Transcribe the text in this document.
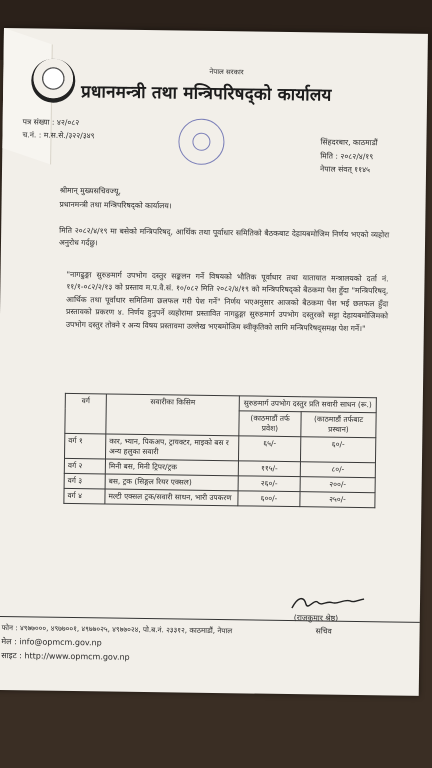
नेपाल सरकार
प्रधानमन्त्री तथा मन्त्रिपरिषद्को कार्यालय
पत्र संख्या : ४२/०८२
च.नं. : म.स.से./३२२/३४९
सिंहदरबार, काठमाडौं
मिति : २०८२/४/१९
नेपाल संवत् ११४५
श्रीमान् मुख्यसचिवज्यू,
प्रधानमन्त्री तथा मन्त्रिपरिषद्को कार्यालय।
मिति २०८२/४/१९ मा बसेको मन्त्रिपरिषद्, आर्थिक तथा पूर्वाधार समितिको बैठकबाट देहायबमोजिम निर्णय भएको व्यहोरा अनुरोध गर्दछु।
"नागढुङ्गा सुरुङमार्ग उपभोग दस्तुर सङ्कलन गर्ने विषयको भौतिक पूर्वाधार तथा यातायात मन्त्रालयको दर्ता नं. ११/१-०८२/२/१३ को प्रस्ताव म.प.वै.सं. १०/०८२ मिति २०८२/४/१९ को मन्त्रिपरिषद्को बैठकमा पेश हुँदा "मन्त्रिपरिषद्, आर्थिक तथा पूर्वाधार समितिमा छलफल गरी पेश गर्ने" निर्णय भएअनुसार आजको बैठकमा पेश भई छलफल हुँदा प्रस्तावको प्रकरण ४. निर्णय हुनुपर्ने व्यहोरामा प्रस्तावित नागढुङ्गा सुरुङमार्ग उपभोग दस्तुरको सट्टा देहायबमोजिमको उपभोग दस्तुर तोक्ने र अन्य विषय प्रस्तावमा उल्लेख भएबमोजिम स्वीकृतिको लागि मन्त्रिपरिषद्समक्ष पेश गर्ने।"
वर्ग	सवारीका किसिम	सुरुङमार्ग उपभोग दस्तुर प्रति सवारी साधन (रू.)	
		(काठमाडौं तर्फ प्रवेश)	(काठमाडौं तर्फबाट प्रस्थान)
वर्ग १	कार, भ्यान, पिकअप, ट्रायक्टर, माइको बस र अन्य हलुका सवारी	६५/-	६०/-
वर्ग २	मिनी बस, मिनी ट्रिपर/ट्रक	११५/-	८०/-
वर्ग ३	बस, ट्रक (सिङ्गल रियर एक्सल)	२६०/-	२००/-
वर्ग ४	मल्टी एक्सल ट्रक/सवारी साधन, भारी उपकरण	६००/-	२५०/-
(राजकुमार श्रेष्ठ)
सचिव
फोन : ४९७७०००, ४९७७००१, ४९७७०२५, ४९७७०२४, पो.ब.नं. २३३१२, काठमाडौं, नेपाल
मेल : info@opmcm.gov.np
साइट : http://www.opmcm.gov.np
